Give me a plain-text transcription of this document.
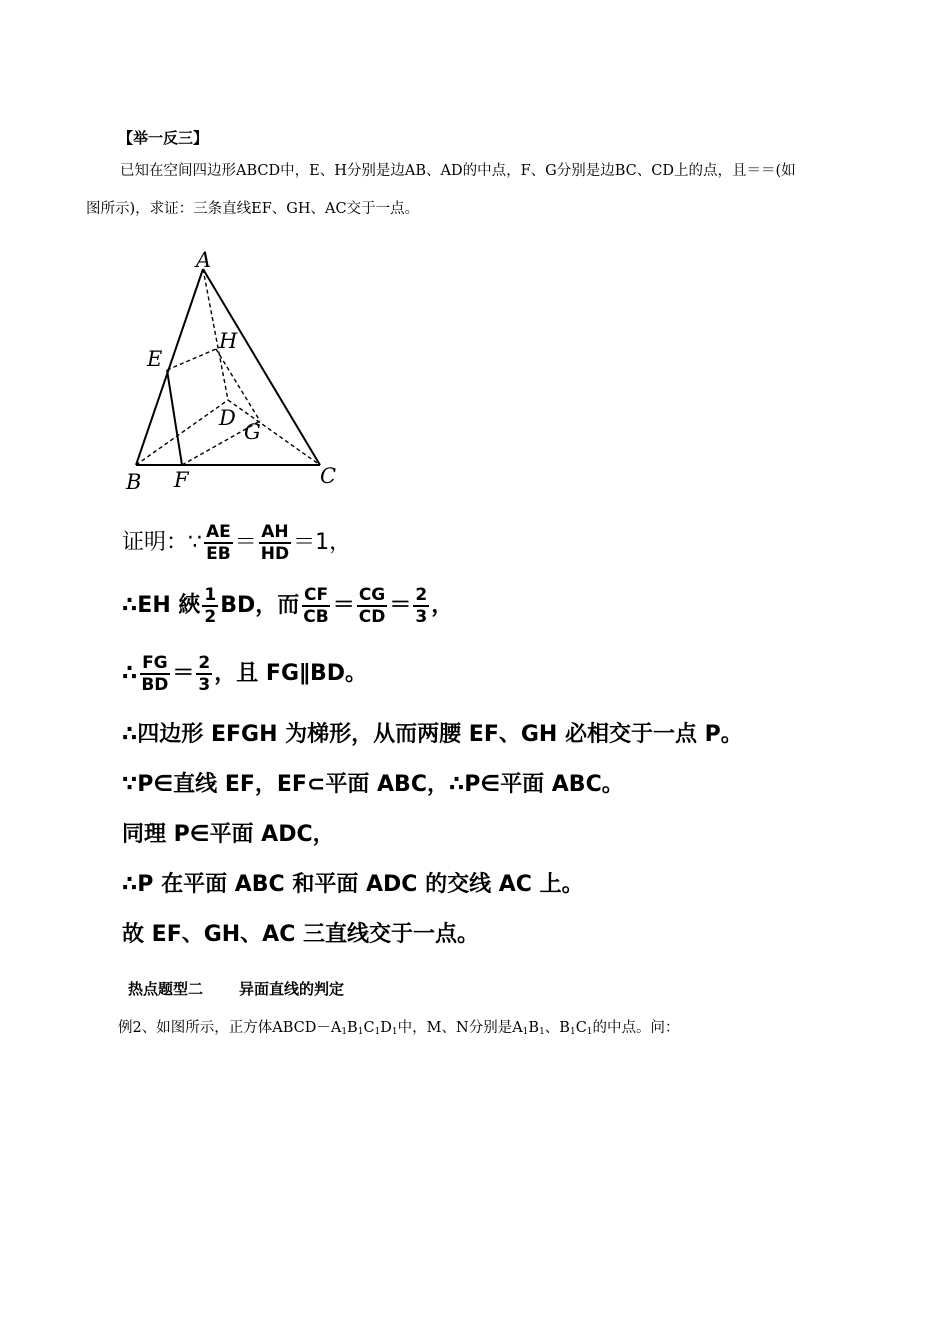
【举一反三】
已知在空间四边形ABCD中，E、H分别是边AB、AD的中点，F、G分别是边BC、CD上的点，且＝＝(如
图所示)，求证：三条直线EF、GH、AC交于一点。
A
H
E
D
G
B F	C
证明：∵ $\frac{AE}{EB} = \frac{AH}{HD} =1$，
∴EH 綊 $\frac{1}{2}$ BD，而 $\frac{CF}{CB} = \frac{CG}{CD} = \frac{2}{3}$ ，
∴ $\frac{FG}{BD} = \frac{2}{3}$ ，且 FG∥BD。
∴四边形 EFGH 为梯形，从而两腰 EF、GH 必相交于一点 P。
∵P∈直线 EF，EF⊂平面 ABC，∴P∈平面 ABC。
同理 P∈平面 ADC，
∴P 在平面 ABC 和平面 ADC 的交线 AC 上。
故 EF、GH、AC 三直线交于一点。
热点题型二 异面直线的判定
例2、如图所示，正方体$ABCD-A_1B_1C_1D_1$中，M、N分别是$A_1B_1$、$B_1C_1$的中点。问：
